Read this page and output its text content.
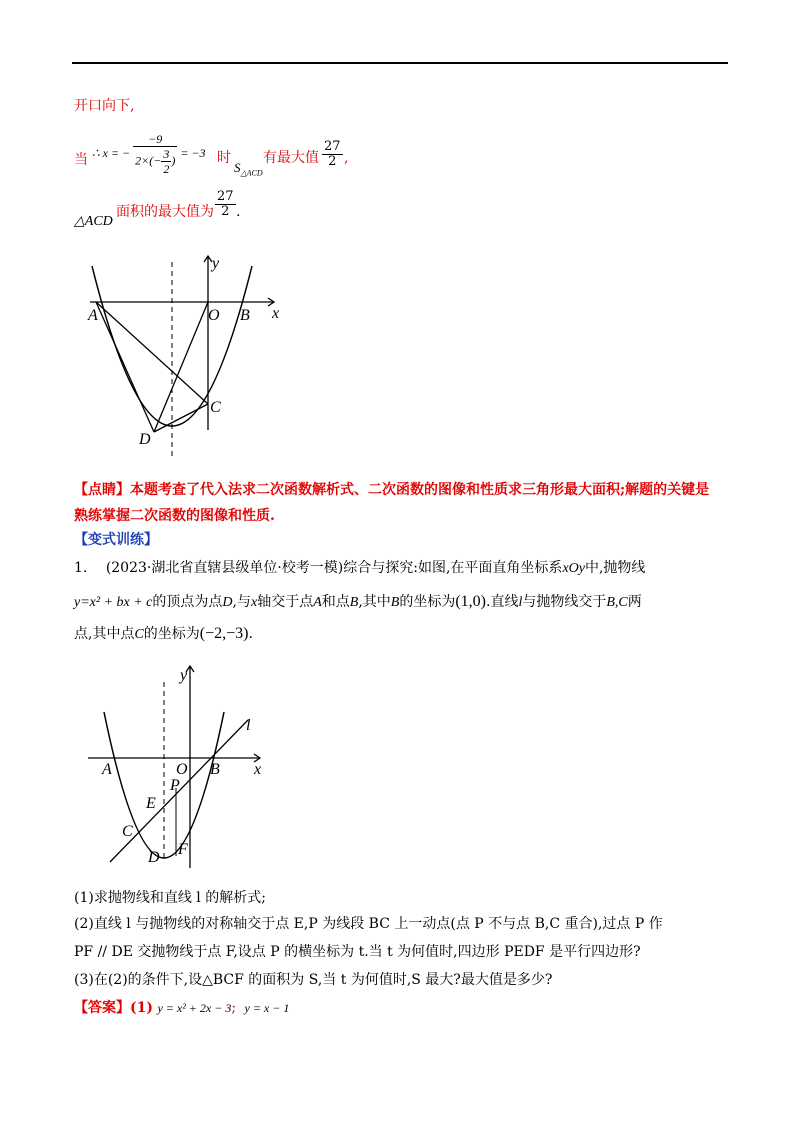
开口向下,
当 ∴ x = − $\frac{-9}{2\times(- \frac{3}{2} )} = -3$ 时
$S_{\triangle ACD}$
有最大值 $\frac{27}{2}$ ,
△ACD
面积的最大值为 $\frac{27}{2}$ .
y
x
O
A	B
C
D
【点睛】本题考查了代入法求二次函数解析式、二次函数的图像和性质求三角形最大面积;解题的关键是
熟练掌握二次函数的图像和性质.
【变式训练】
1. (2023·湖北省直辖县级单位·校考一模)综合与探究:如图,在平面直角坐标系xOy中,抛物线
y=x² + bx + c的顶点为点D,与x轴交于点A和点B,其中B的坐标为(1,0).直线l与抛物线交于B,C两
点,其中点C的坐标为(−2,−3).
y
x
O
A	B
l
P
E
C
F
D
(1)求抛物线和直线 l 的解析式;
(2)直线 l 与抛物线的对称轴交于点 E,P 为线段 BC 上一动点(点 P 不与点 B,C 重合),过点 P 作
PF // DE 交抛物线于点 F,设点 P 的横坐标为 t.当 t 为何值时,四边形 PEDF 是平行四边形?
(3)在(2)的条件下,设△BCF 的面积为 S,当 t 为何值时,S 最大?最大值是多少?
【答案】(1) y = x² + 2x − 3; y = x − 1
